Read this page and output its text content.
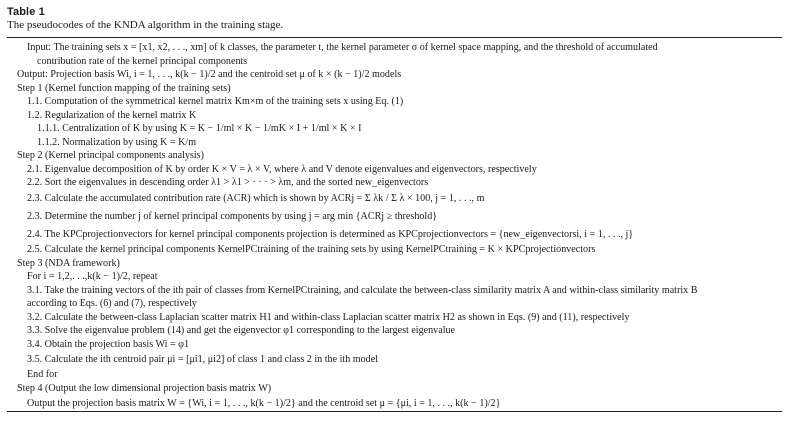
Table 1
The pseudocodes of the KNDA algorithm in the training stage.
Input: The training sets x = [x1, x2, . . ., xm] of k classes, the parameter t, the kernel parameter σ of kernel space mapping, and the threshold of accumulated
contribution rate of the kernel principal components
Output: Projection basis Wi, i = 1, . . ., k(k − 1)/2 and the centroid set μ of k × (k − 1)/2 models
Step 1 (Kernel function mapping of the training sets)
1.1. Computation of the symmetrical kernel matrix Km×m of the training sets x using Eq. (1)
1.2. Regularization of the kernel matrix K
1.1.1. Centralization of K by using K = K − 1/ml × K − 1/mK × I + 1/ml × K × I
1.1.2. Normalization by using K = K/m
Step 2 (Kernel principal components analysis)
2.1. Eigenvalue decomposition of K by order K × V = λ × V, where λ and V denote eigenvalues and eigenvectors, respectively
2.2. Sort the eigenvalues in descending order λ1 > λ1 > · · · > λm, and the sorted new_eigenvectors
2.3. Calculate the accumulated contribution rate (ACR) which is shown by ACRj = Σ λk / Σ λ × 100, j = 1, . . ., m
2.3. Determine the number j of kernel principal components by using j = arg min {ACRj ≥ threshold}
2.4. The KPCprojectionvectors for kernel principal components projection is determined as KPCprojectionvectors = {new_eigenvectorsi, i = 1, . . ., j}
2.5. Calculate the kernel principal components KernelPCtraining of the training sets by using KernelPCtraining = K × KPCprojectionvectors
Step 3 (NDA framework)
For i = 1,2,. . .,k(k − 1)/2, repeat
3.1. Take the training vectors of the ith pair of classes from KernelPCtraining, and calculate the between-class similarity matrix A and within-class similarity matrix B
according to Eqs. (6) and (7), respectively
3.2. Calculate the between-class Laplacian scatter matrix H1 and within-class Laplacian scatter matrix H2 as shown in Eqs. (9) and (11), respectively
3.3. Solve the eigenvalue problem (14) and get the eigenvector φ1 corresponding to the largest eigenvalue
3.4. Obtain the projection basis Wi = φ1
3.5. Calculate the ith centroid pair μi = [μi1, μi2] of class 1 and class 2 in the ith model
End for
Step 4 (Output the low dimensional projection basis matrix W)
Output the projection basis matrix W = {Wi, i = 1, . . ., k(k − 1)/2} and the centroid set μ = {μi, i = 1, . . ., k(k − 1)/2}
